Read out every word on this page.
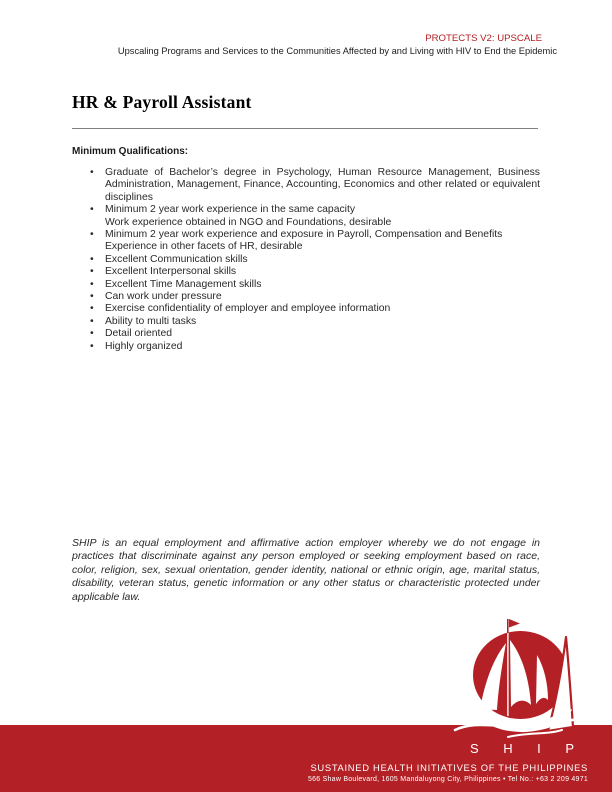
PROTECTS V2: UPSCALE
Upscaling Programs and Services to the Communities Affected by and Living with HIV to End the Epidemic
HR & Payroll Assistant
Minimum Qualifications:
• Graduate of Bachelor’s degree in Psychology, Human Resource Management, Business Administration, Management, Finance, Accounting, Economics and other related or equivalent disciplines
• Minimum 2 year work experience in the same capacity
Work experience obtained in NGO and Foundations, desirable
• Minimum 2 year work experience and exposure in Payroll, Compensation and Benefits
Experience in other facets of HR, desirable
• Excellent Communication skills
• Excellent Interpersonal skills
• Excellent Time Management skills
• Can work under pressure
• Exercise confidentiality of employer and employee information
• Ability to multi tasks
• Detail oriented
• Highly organized

SHIP is an equal employment and affirmative action employer whereby we do not engage in practices that discriminate against any person employed or seeking employment based on race, color, religion, sex, sexual orientation, gender identity, national or ethnic origin, age, marital status, disability, veteran status, genetic information or any other status or characteristic protected under applicable law.

S H I P
SUSTAINED HEALTH INITIATIVES OF THE PHILIPPINES
566 Shaw Boulevard, 1605 Mandaluyong City, Philippines • Tel No.: +63 2 209 4971
